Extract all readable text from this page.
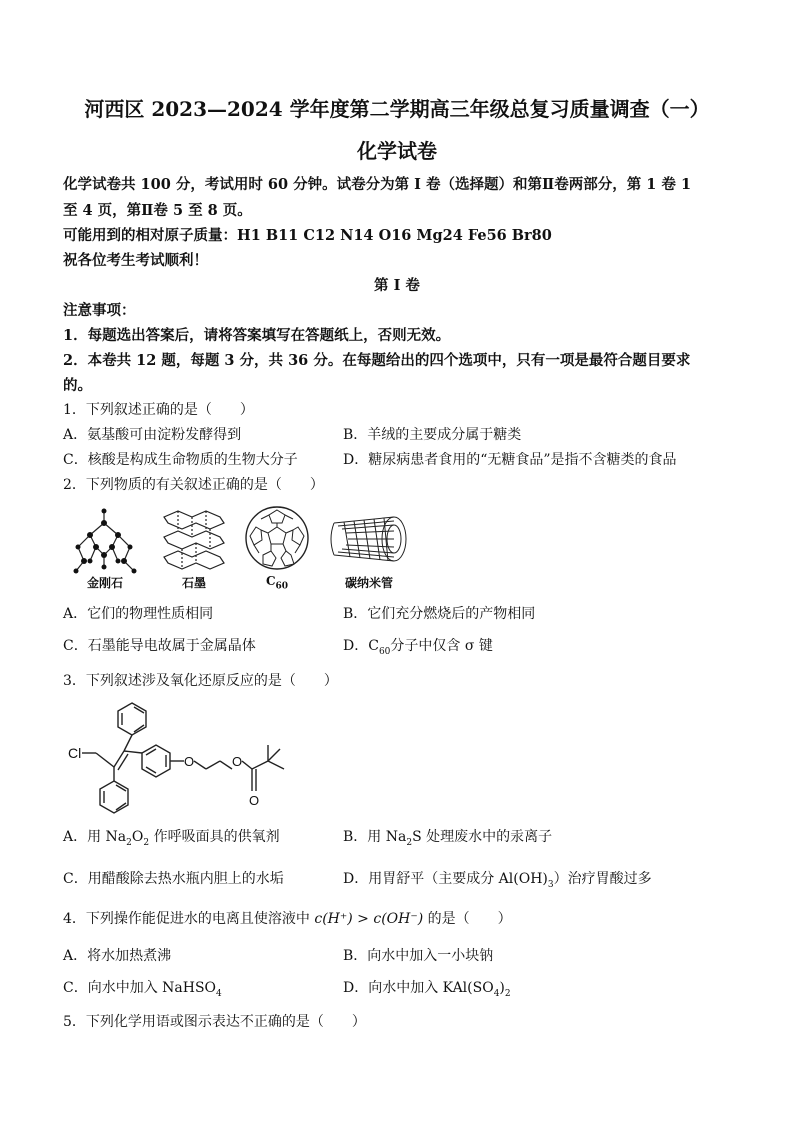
河西区 2023—2024 学年度第二学期高三年级总复习质量调查（一）
化学试卷
化学试卷共 100 分，考试用时 60 分钟。试卷分为第 Ⅰ 卷（选择题）和第Ⅱ卷两部分，第 1 卷 1
至 4 页，第Ⅱ卷 5 至 8 页。
可能用到的相对原子质量：H1 B11 C12 N14 O16 Mg24 Fe56 Br80
祝各位考生考试顺利！
第 Ⅰ 卷
注意事项：
1．每题选出答案后，请将答案填写在答题纸上，否则无效。
2．本卷共 12 题，每题 3 分，共 36 分。在每题给出的四个选项中，只有一项是最符合题目要求
的。
1．下列叙述正确的是（　　）
A．氨基酸可由淀粉发酵得到	B．羊绒的主要成分属于糖类
C．核酸是构成生命物质的生物大分子	D．糖尿病患者食用的“无糖食品”是指不含糖类的食品
2．下列物质的有关叙述正确的是（　　）
金刚石	石墨	$C_{60}$	碳纳米管
A．它们的物理性质相同	B．它们充分燃烧后的产物相同
C．石墨能导电故属于金属晶体	D．$C_{60}$分子中仅含 σ 键
3．下列叙述涉及氧化还原反应的是（　　）
Cl
O	O
O
A．用 $Na_2O_2$ 作呼吸面具的供氧剂	B．用 $Na_2S$ 处理废水中的汞离子
C．用醋酸除去热水瓶内胆上的水垢	D．用胃舒平（主要成分 $Al(OH)_3$）治疗胃酸过多
4．下列操作能促进水的电离且使溶液中 c(H⁺) > c(OH⁻) 的是（　　）
A．将水加热煮沸	B．向水中加入一小块钠
C．向水中加入 NaHSO$_4$	D．向水中加入 $KAl(SO_4)_2$
5．下列化学用语或图示表达不正确的是（　　）
